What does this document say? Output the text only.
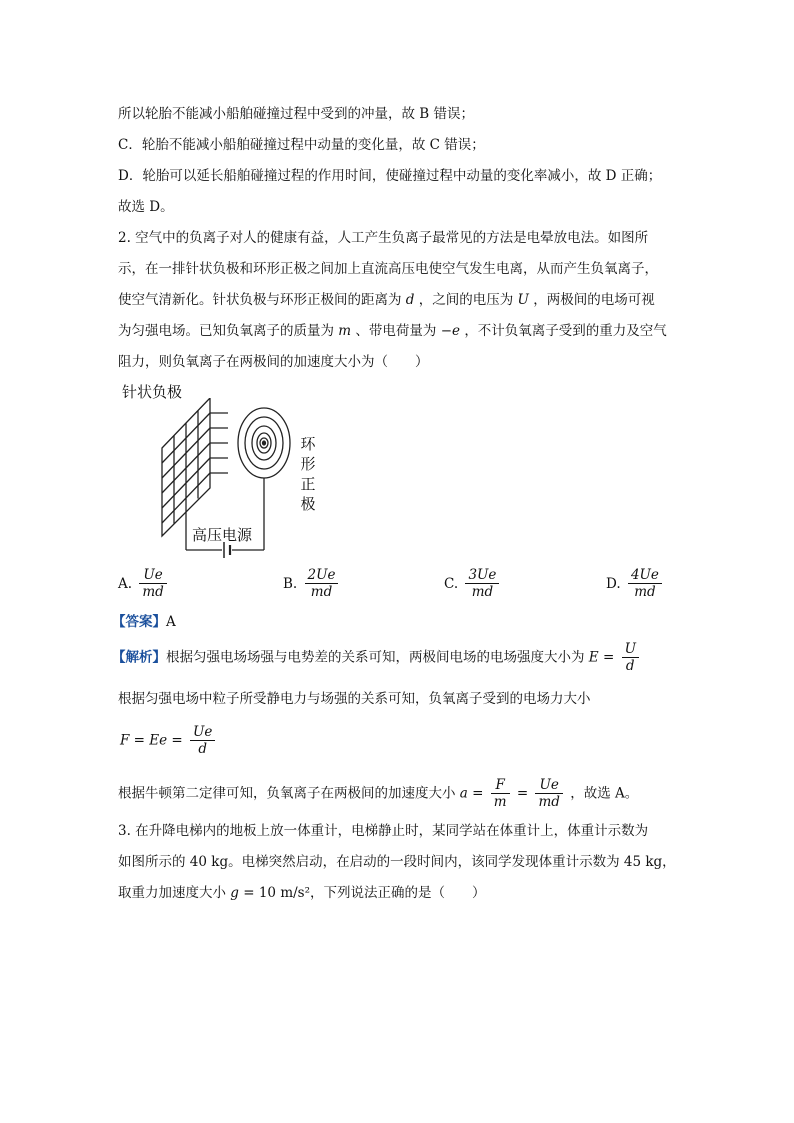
所以轮胎不能减小船舶碰撞过程中受到的冲量，故 B 错误；
C．轮胎不能减小船舶碰撞过程中动量的变化量，故 C 错误；
D．轮胎可以延长船舶碰撞过程的作用时间，使碰撞过程中动量的变化率减小，故 D 正确；
故选 D。
2. 空气中的负离子对人的健康有益，人工产生负离子最常见的方法是电晕放电法。如图所
示，在一排针状负极和环形正极之间加上直流高压电使空气发生电离，从而产生负氧离子，
使空气清新化。针状负极与环形正极间的距离为 d ，之间的电压为 U ，两极间的电场可视
为匀强电场。已知负氧离子的质量为 m 、带电荷量为 −e ，不计负氧离子受到的重力及空气
阻力，则负氧离子在两极间的加速度大小为（　　）
针状负极
环
形
正
极
高压电源
A. $\frac{Ue}{md}$	B. $\frac{2Ue}{md}$	C. $\frac{3Ue}{md}$	D. $\frac{4Ue}{md}$
【答案】A
【解析】根据匀强电场场强与电势差的关系可知，两极间电场的电场强度大小为 $E = \frac{U}{d}$
根据匀强电场中粒子所受静电力与场强的关系可知，负氧离子受到的电场力大小
$F = Ee = \frac{Ue}{d}$
根据牛顿第二定律可知，负氧离子在两极间的加速度大小 $a = \frac{F}{m} = \frac{Ue}{md}$ ，故选 A。
3. 在升降电梯内的地板上放一体重计，电梯静止时，某同学站在体重计上，体重计示数为
如图所示的 40 kg。电梯突然启动，在启动的一段时间内，该同学发现体重计示数为 45 kg，
取重力加速度大小 g = 10 m/s²，下列说法正确的是（　　）
